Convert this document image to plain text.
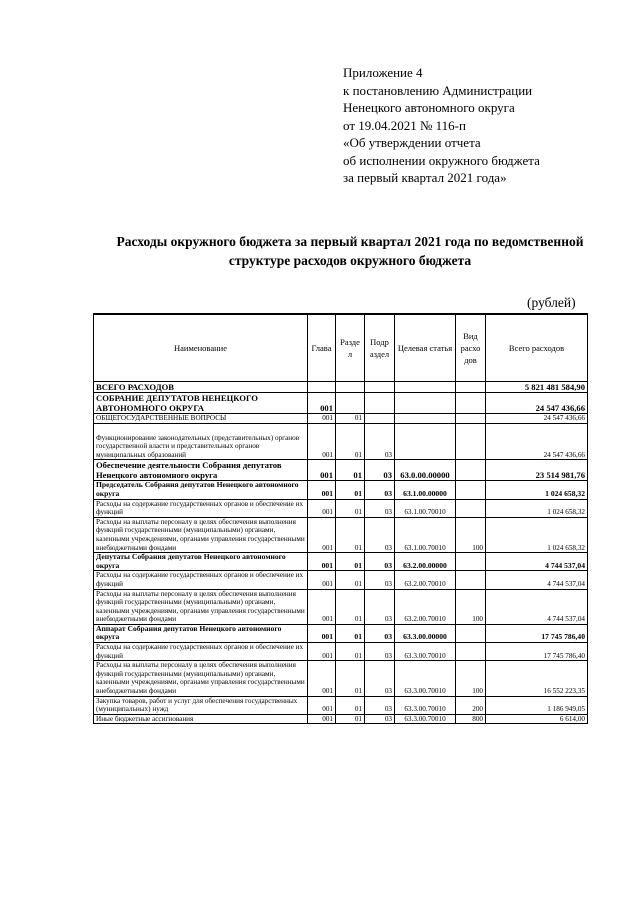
Приложение 4
к постановлению Администрации
Ненецкого автономного округа
от 19.04.2021 № 116-п
«Об утверждении отчета
об исполнении окружного бюджета
за первый квартал 2021 года»
Расходы окружного бюджета за первый квартал 2021 года по ведомственной
структуре расходов окружного бюджета
(рублей)
Наименование	Глава	Разде л	Подр аздел	Целевая статья	Вид расхо дов	Всего расходов
ВСЕГО РАСХОДОВ						5 821 481 584,90
СОБРАНИЕ ДЕПУТАТОВ НЕНЕЦКОГО АВТОНОМНОГО ОКРУГА	001					24 547 436,66
ОБЩЕГОСУДАРСТВЕННЫЕ ВОПРОСЫ	001	01				24 547 436,66
Функционирование законодательных (представительных) органов государственной власти и представительных органов муниципальных образований	001	01	03			24 547 436,66
Обеспечение деятельности Собрания депутатов Ненецкого автономного округа	001	01	03	63.0.00.00000		23 514 981,76
Председатель Собрания депутатов Ненецкого автономного округа	001	01	03	63.1.00.00000		1 024 658,32
Расходы на содержание государственных органов и обеспечение их функций	001	01	03	63.1.00.70010		1 024 658,32
Расходы на выплаты персоналу в целях обеспечения выполнения функций государственными (муниципальными) органами, казенными учреждениями, органами управления государственными внебюджетными фондами	001	01	03	63.1.00.70010	100	1 024 658,32
Депутаты Собрания депутатов Ненецкого автономного округа	001	01	03	63.2.00.00000		4 744 537,04
Расходы на содержание государственных органов и обеспечение их функций	001	01	03	63.2.00.70010		4 744 537,04
Расходы на выплаты персоналу в целях обеспечения выполнения функций государственными (муниципальными) органами, казенными учреждениями, органами управления государственными внебюджетными фондами	001	01	03	63.2.00.70010	100	4 744 537,04
Аппарат Собрания депутатов Ненецкого автономного округа	001	01	03	63.3.00.00000		17 745 786,40
Расходы на содержание государственных органов и обеспечение их функций	001	01	03	63.3.00.70010		17 745 786,40
Расходы на выплаты персоналу в целях обеспечения выполнения функций государственными (муниципальными) органами, казенными учреждениями, органами управления государственными внебюджетными фондами	001	01	03	63.3.00.70010	100	16 552 223,35
Закупка товаров, работ и услуг для обеспечения государственных (муниципальных) нужд	001	01	03	63.3.00.70010	200	1 186 949,05
Иные бюджетные ассигнования	001	01	03	63.3.00.70010	800	6 614,00
